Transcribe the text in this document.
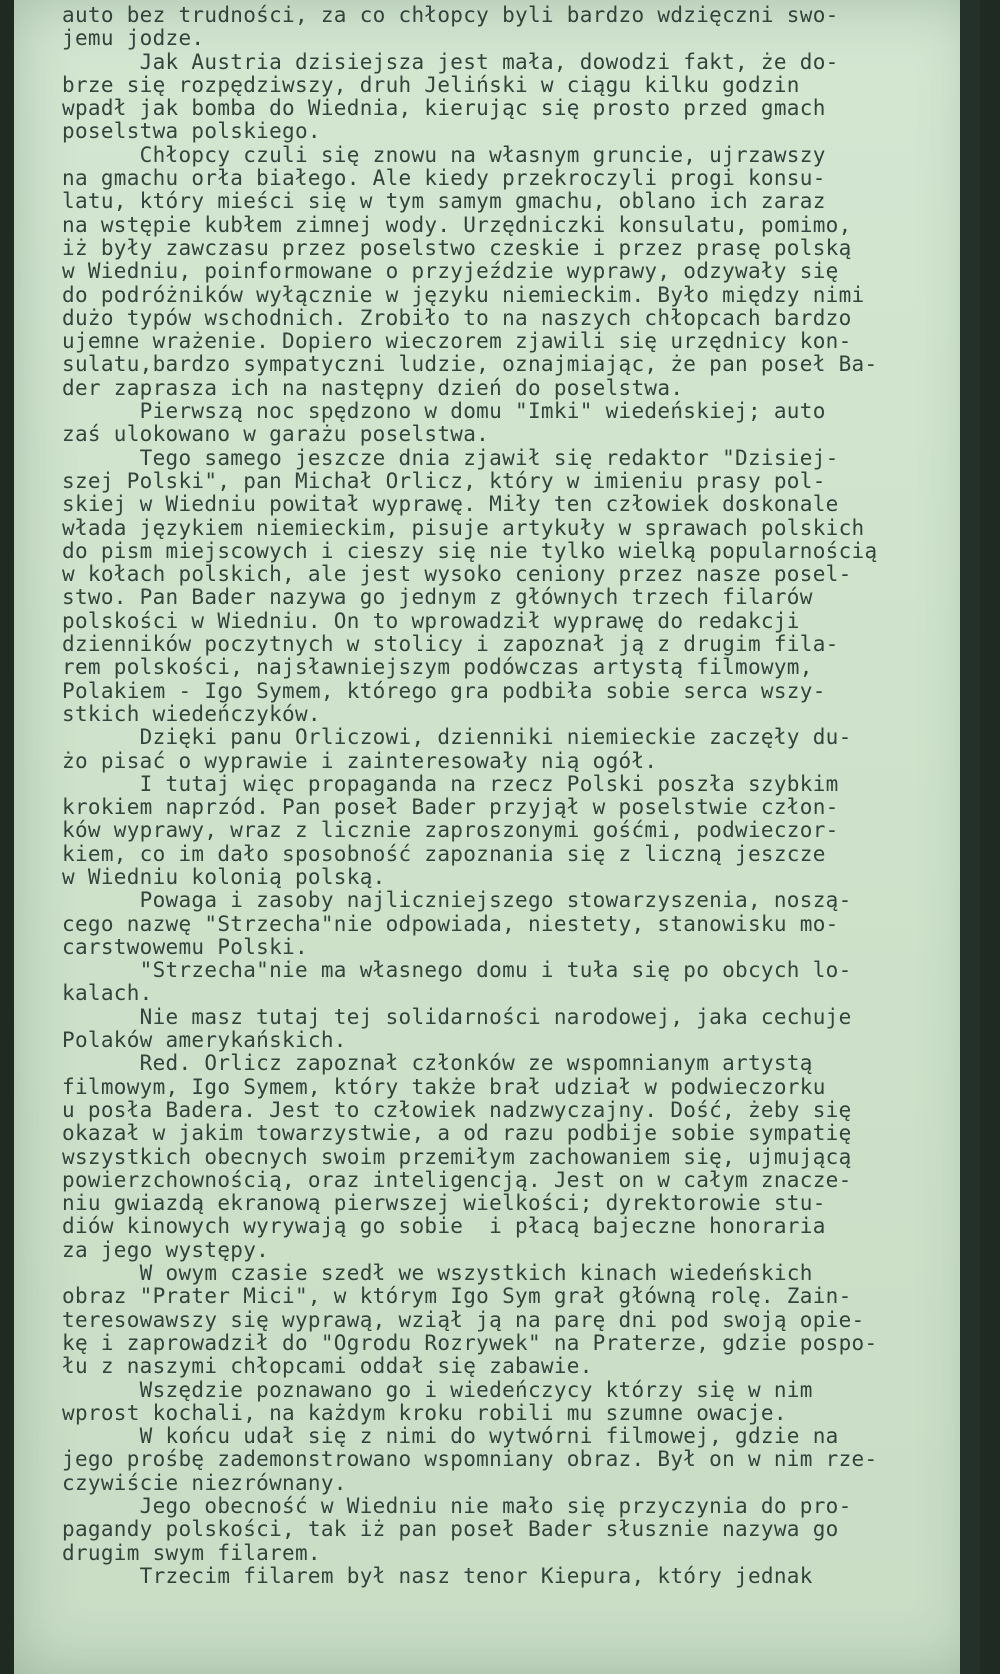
auto bez trudności, za co chłopcy byli bardzo wdzięczni swo-
jemu jodze.
Jak Austria dzisiejsza jest mała, dowodzi fakt, że do-
brze się rozpędziwszy, druh Jeliński w ciągu kilku godzin
wpadł jak bomba do Wiednia, kierując się prosto przed gmach
poselstwa polskiego.
Chłopcy czuli się znowu na własnym gruncie, ujrzawszy
na gmachu orła białego. Ale kiedy przekroczyli progi konsu-
latu, który mieści się w tym samym gmachu, oblano ich zaraz
na wstępie kubłem zimnej wody. Urzędniczki konsulatu, pomimo,
iż były zawczasu przez poselstwo czeskie i przez prasę polską
w Wiedniu, poinformowane o przyjeździe wyprawy, odzywały się
do podróżników wyłącznie w języku niemieckim. Było między nimi
dużo typów wschodnich. Zrobiło to na naszych chłopcach bardzo
ujemne wrażenie. Dopiero wieczorem zjawili się urzędnicy kon-
sulatu,bardzo sympatyczni ludzie, oznajmiając, że pan poseł Ba-
der zaprasza ich na następny dzień do poselstwa.
Pierwszą noc spędzono w domu "Imki" wiedeńskiej; auto
zaś ulokowano w garażu poselstwa.
Tego samego jeszcze dnia zjawił się redaktor "Dzisiej-
szej Polski", pan Michał Orlicz, który w imieniu prasy pol-
skiej w Wiedniu powitał wyprawę. Miły ten człowiek doskonale
włada językiem niemieckim, pisuje artykuły w sprawach polskich
do pism miejscowych i cieszy się nie tylko wielką popularnością
w kołach polskich, ale jest wysoko ceniony przez nasze posel-
stwo. Pan Bader nazywa go jednym z głównych trzech filarów
polskości w Wiedniu. On to wprowadził wyprawę do redakcji
dzienników poczytnych w stolicy i zapoznał ją z drugim fila-
rem polskości, najsławniejszym podówczas artystą filmowym,
Polakiem - Igo Symem, którego gra podbiła sobie serca wszy-
stkich wiedeńczyków.
Dzięki panu Orliczowi, dzienniki niemieckie zaczęły du-
żo pisać o wyprawie i zainteresowały nią ogół.
I tutaj więc propaganda na rzecz Polski poszła szybkim
krokiem naprzód. Pan poseł Bader przyjął w poselstwie człon-
ków wyprawy, wraz z licznie zaproszonymi gośćmi, podwieczor-
kiem, co im dało sposobność zapoznania się z liczną jeszcze
w Wiedniu kolonią polską.
Powaga i zasoby najliczniejszego stowarzyszenia, noszą-
cego nazwę "Strzecha"nie odpowiada, niestety, stanowisku mo-
carstwowemu Polski.
"Strzecha"nie ma własnego domu i tuła się po obcych lo-
kalach.
Nie masz tutaj tej solidarności narodowej, jaka cechuje
Polaków amerykańskich.
Red. Orlicz zapoznał członków ze wspomnianym artystą
filmowym, Igo Symem, który także brał udział w podwieczorku
u posła Badera. Jest to człowiek nadzwyczajny. Dość, żeby się
okazał w jakim towarzystwie, a od razu podbije sobie sympatię
wszystkich obecnych swoim przemiłym zachowaniem się, ujmującą
powierzchownością, oraz inteligencją. Jest on w całym znacze-
niu gwiazdą ekranową pierwszej wielkości; dyrektorowie stu-
diów kinowych wyrywają go sobie  i płacą bajeczne honoraria
za jego występy.
W owym czasie szedł we wszystkich kinach wiedeńskich
obraz "Prater Mici", w którym Igo Sym grał główną rolę. Zain-
teresowawszy się wyprawą, wziął ją na parę dni pod swoją opie-
kę i zaprowadził do "Ogrodu Rozrywek" na Praterze, gdzie pospo-
łu z naszymi chłopcami oddał się zabawie.
Wszędzie poznawano go i wiedeńczycy którzy się w nim
wprost kochali, na każdym kroku robili mu szumne owacje.
W końcu udał się z nimi do wytwórni filmowej, gdzie na
jego prośbę zademonstrowano wspomniany obraz. Był on w nim rze-
czywiście niezrównany.
Jego obecność w Wiedniu nie mało się przyczynia do pro-
pagandy polskości, tak iż pan poseł Bader słusznie nazywa go
drugim swym filarem.
Trzecim filarem był nasz tenor Kiepura, który jednak
